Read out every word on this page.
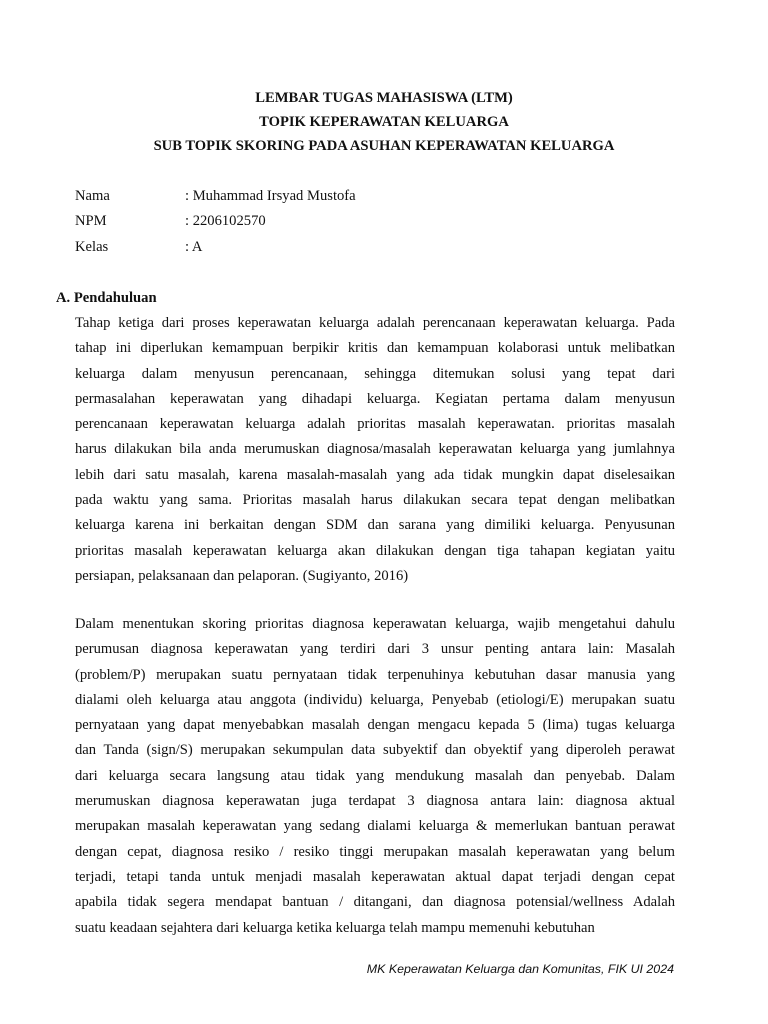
LEMBAR TUGAS MAHASISWA (LTM)
TOPIK KEPERAWATAN KELUARGA
SUB TOPIK SKORING PADA ASUHAN KEPERAWATAN KELUARGA
Nama	: Muhammad Irsyad Mustofa
NPM	: 2206102570
Kelas	: A
A. Pendahuluan
Tahap ketiga dari proses keperawatan keluarga adalah perencanaan keperawatan keluarga. Pada
tahap ini diperlukan kemampuan berpikir kritis dan kemampuan kolaborasi untuk melibatkan
keluarga dalam menyusun perencanaan, sehingga ditemukan solusi yang tepat dari
permasalahan keperawatan yang dihadapi keluarga. Kegiatan pertama dalam menyusun
perencanaan keperawatan keluarga adalah prioritas masalah keperawatan. prioritas masalah
harus dilakukan bila anda merumuskan diagnosa/masalah keperawatan keluarga yang jumlahnya
lebih dari satu masalah, karena masalah-masalah yang ada tidak mungkin dapat diselesaikan
pada waktu yang sama. Prioritas masalah harus dilakukan secara tepat dengan melibatkan
keluarga karena ini berkaitan dengan SDM dan sarana yang dimiliki keluarga. Penyusunan
prioritas masalah keperawatan keluarga akan dilakukan dengan tiga tahapan kegiatan yaitu
persiapan, pelaksanaan dan pelaporan. (Sugiyanto, 2016)
Dalam menentukan skoring prioritas diagnosa keperawatan keluarga, wajib mengetahui dahulu
perumusan diagnosa keperawatan yang terdiri dari 3 unsur penting antara lain: Masalah
(problem/P) merupakan suatu pernyataan tidak terpenuhinya kebutuhan dasar manusia yang
dialami oleh keluarga atau anggota (individu) keluarga, Penyebab (etiologi/E) merupakan suatu
pernyataan yang dapat menyebabkan masalah dengan mengacu kepada 5 (lima) tugas keluarga
dan Tanda (sign/S) merupakan sekumpulan data subyektif dan obyektif yang diperoleh perawat
dari keluarga secara langsung atau tidak yang mendukung masalah dan penyebab. Dalam
merumuskan diagnosa keperawatan juga terdapat 3 diagnosa antara lain: diagnosa aktual
merupakan masalah keperawatan yang sedang dialami keluarga & memerlukan bantuan perawat
dengan cepat, diagnosa resiko / resiko tinggi merupakan masalah keperawatan yang belum
terjadi, tetapi tanda untuk menjadi masalah keperawatan aktual dapat terjadi dengan cepat
apabila tidak segera mendapat bantuan / ditangani, dan diagnosa potensial/wellness Adalah
suatu keadaan sejahtera dari keluarga ketika keluarga telah mampu memenuhi kebutuhan
MK Keperawatan Keluarga dan Komunitas, FIK UI 2024
